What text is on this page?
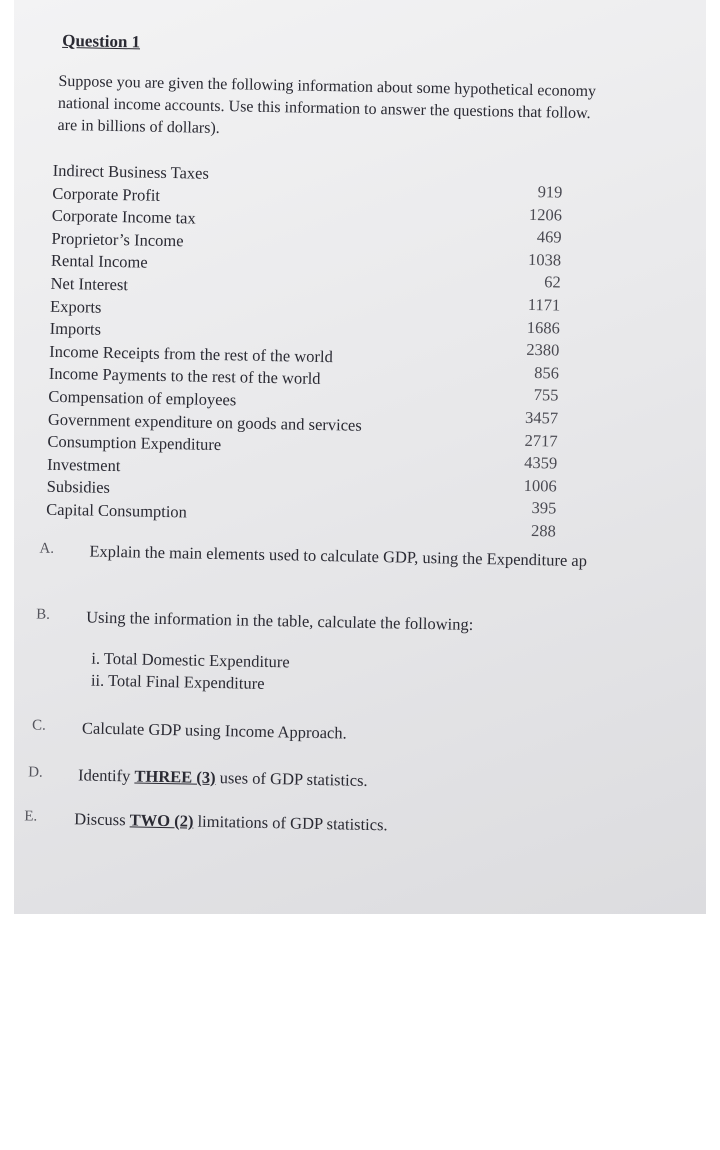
Question 1
Suppose you are given the following information about some hypothetical economy
national income accounts. Use this information to answer the questions that follow.
are in billions of dollars).
Indirect Business Taxes
919
Corporate Profit
1206
Corporate Income tax
469
Proprietor’s Income
1038
Rental Income
62
Net Interest
1171
Exports
1686
Imports
2380
Income Receipts from the rest of the world
856
Income Payments to the rest of the world
755
Compensation of employees
3457
Government expenditure on goods and services
2717
Consumption Expenditure
4359
Investment
1006
Subsidies
395
Capital Consumption
288
A. Explain the main elements used to calculate GDP, using the Expenditure ap
B. Using the information in the table, calculate the following:
i. Total Domestic Expenditure
ii. Total Final Expenditure
C. Calculate GDP using Income Approach.
D. Identify THREE (3) uses of GDP statistics.
E. Discuss TWO (2) limitations of GDP statistics.
